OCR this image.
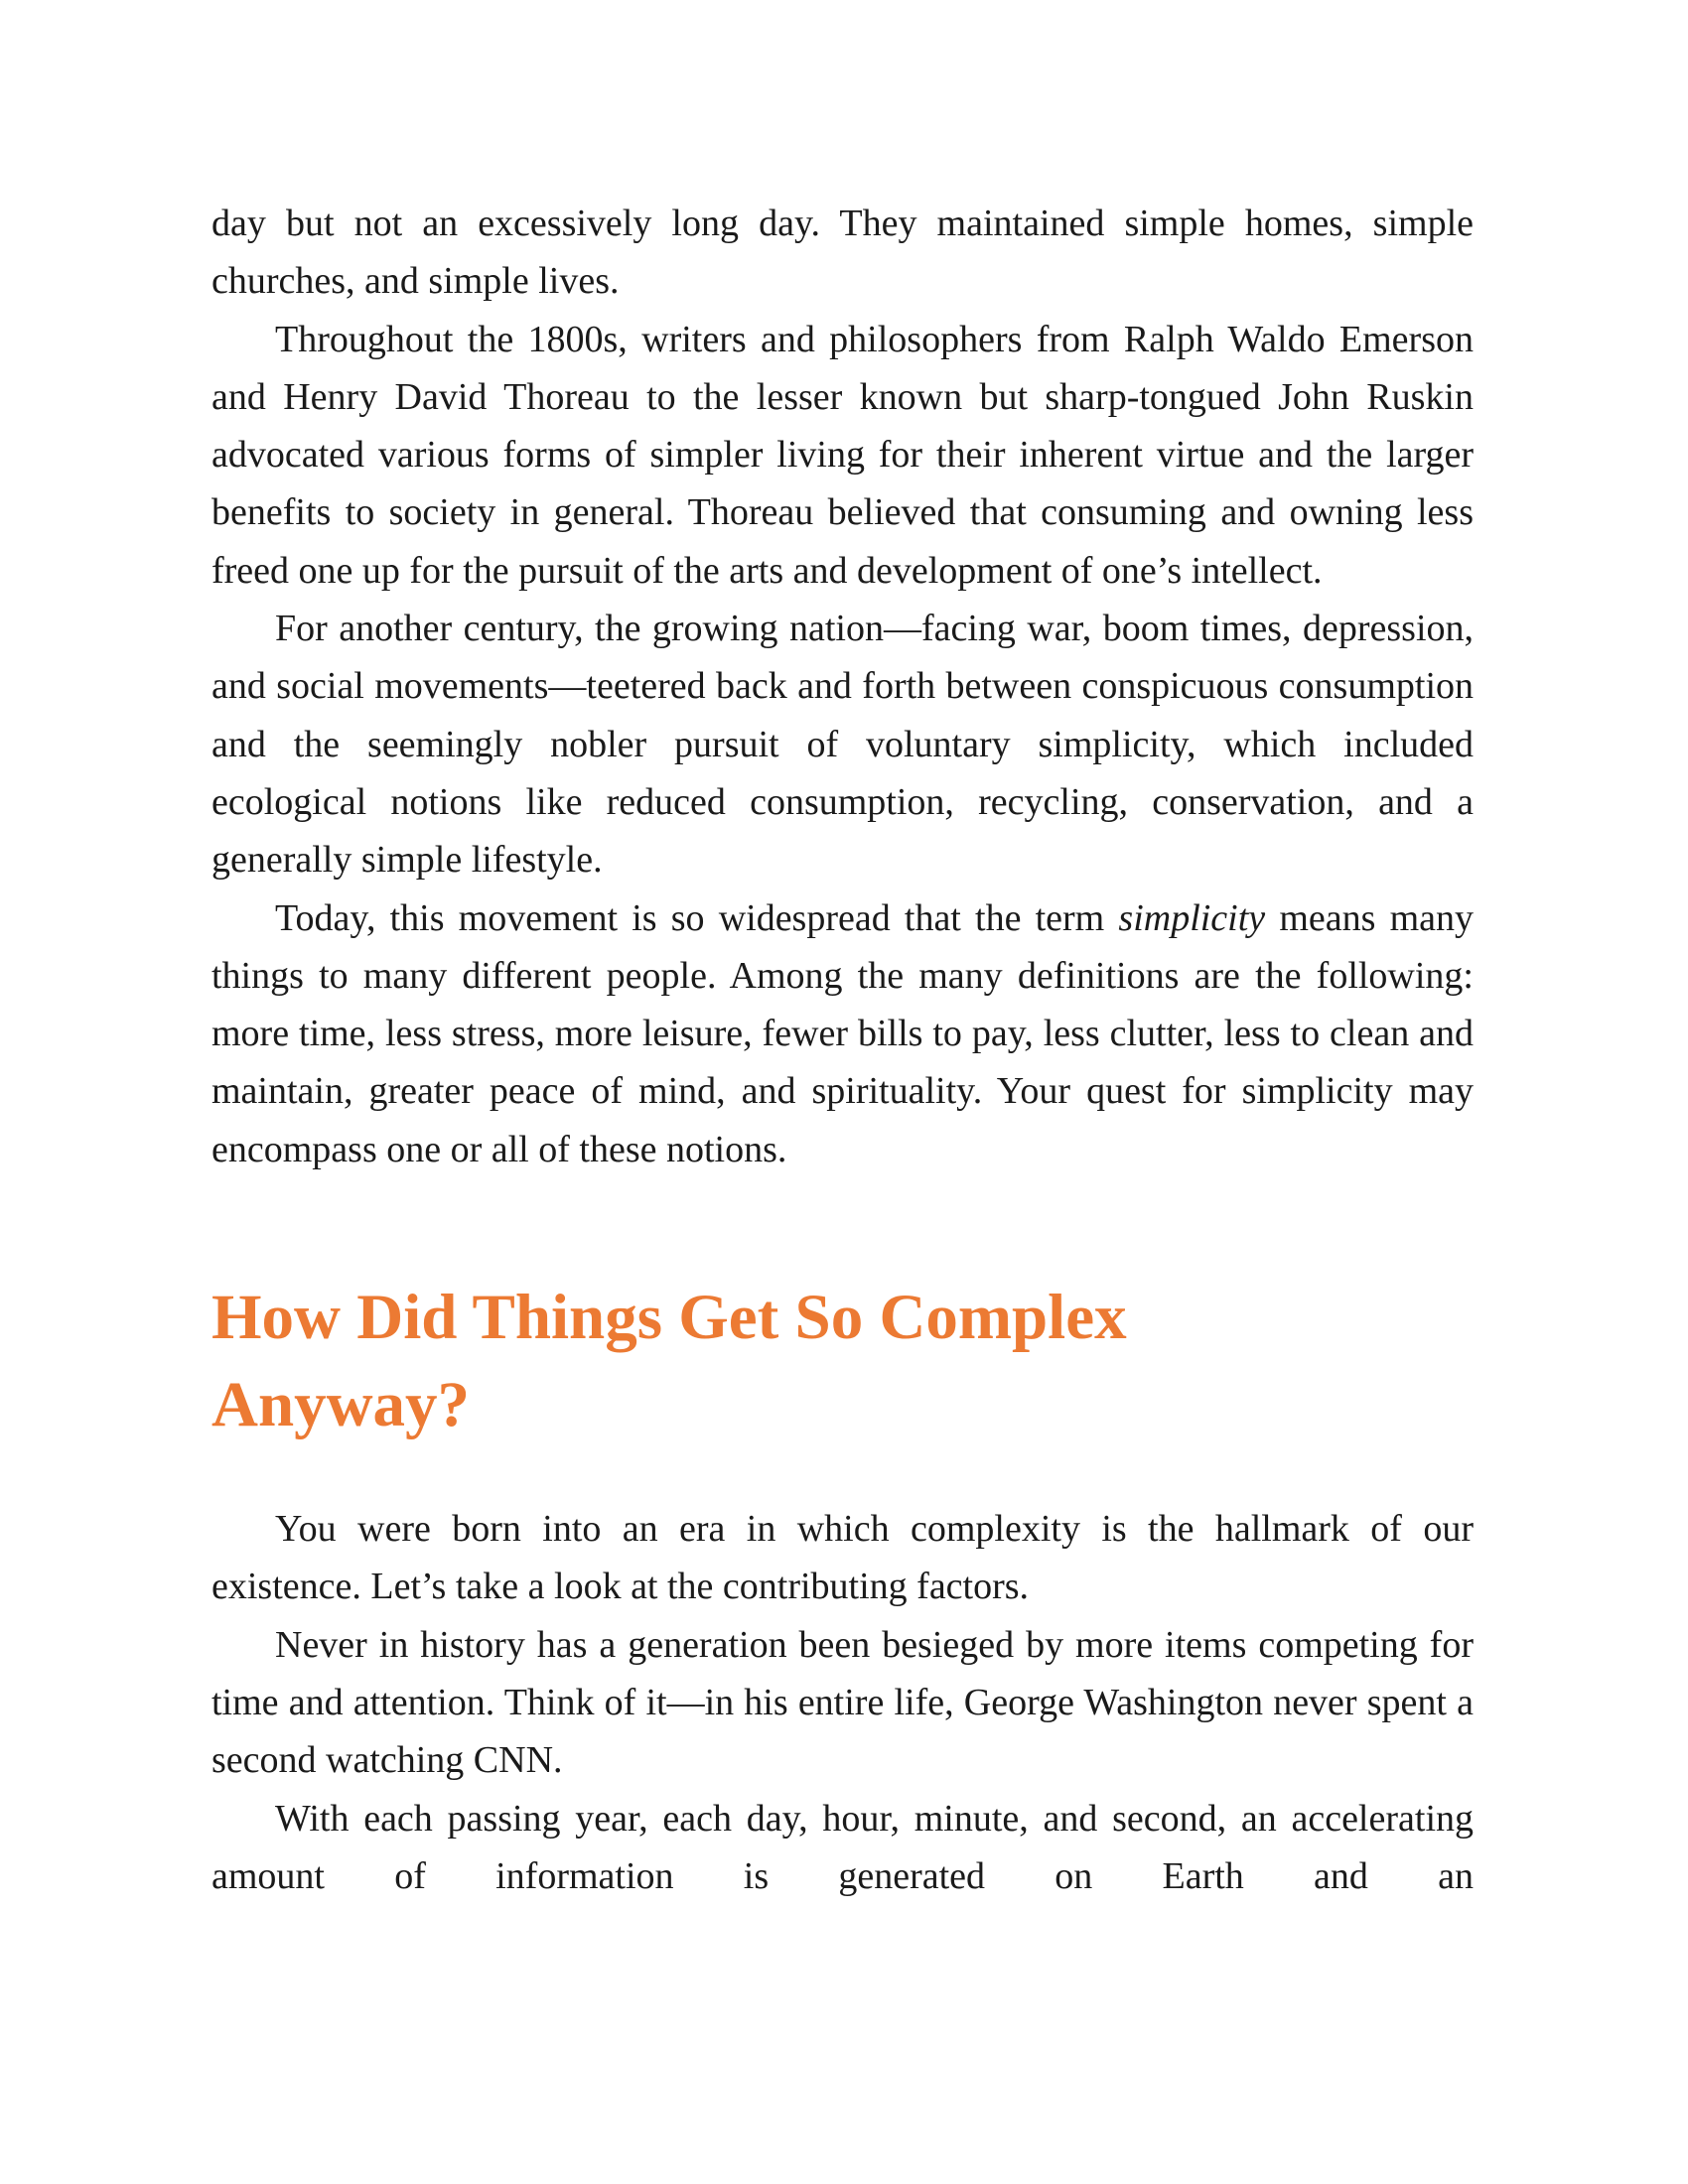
day but not an excessively long day. They maintained simple homes, simple churches, and simple lives.

Throughout the 1800s, writers and philosophers from Ralph Waldo Emerson and Henry David Thoreau to the lesser known but sharp-tongued John Ruskin advocated various forms of simpler living for their inherent virtue and the larger benefits to society in general. Thoreau believed that consuming and owning less freed one up for the pursuit of the arts and development of one’s intellect.

For another century, the growing nation—facing war, boom times, depression, and social movements—teetered back and forth between conspicuous consumption and the seemingly nobler pursuit of voluntary simplicity, which included ecological notions like reduced consumption, recycling, conservation, and a generally simple lifestyle.

Today, this movement is so widespread that the term simplicity means many things to many different people. Among the many definitions are the following: more time, less stress, more leisure, fewer bills to pay, less clutter, less to clean and maintain, greater peace of mind, and spirituality. Your quest for simplicity may encompass one or all of these notions.

How Did Things Get So Complex Anyway?

You were born into an era in which complexity is the hallmark of our existence. Let’s take a look at the contributing factors.

Never in history has a generation been besieged by more items competing for time and attention. Think of it—in his entire life, George Washington never spent a second watching CNN.

With each passing year, each day, hour, minute, and second, an accelerating amount of information is generated on Earth and an
